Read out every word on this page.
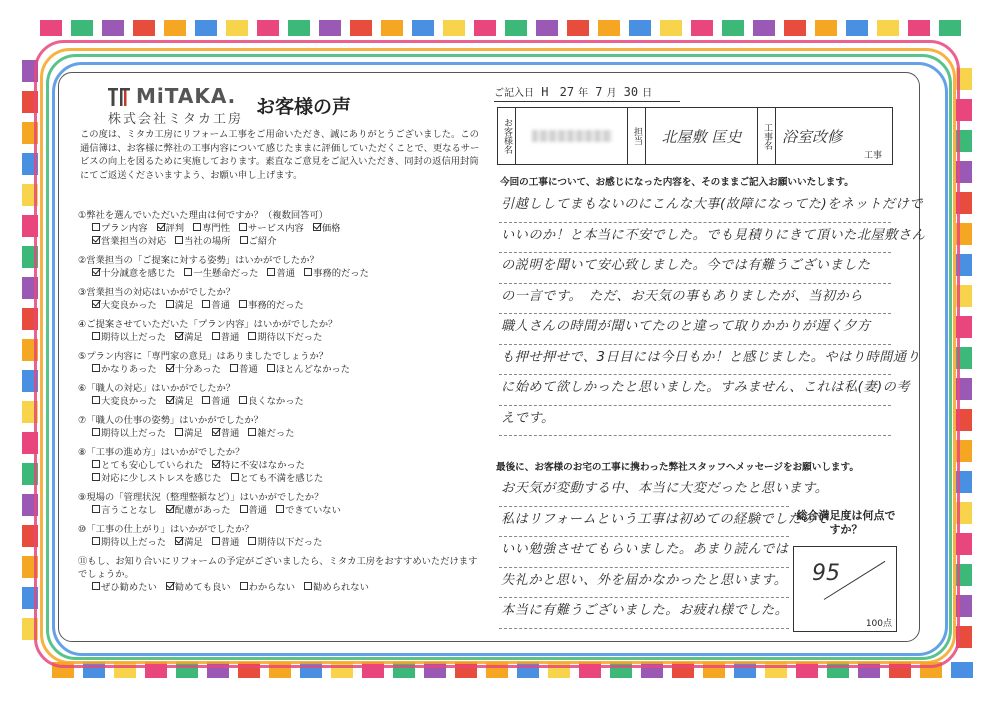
MiTAKA.
株式会社ミタカ工房
お客様の声
この度は、ミタカ工房にリフォーム工事をご用命いただき、誠にありがとうございました。この通信簿は、お客様に弊社の工事内容について感じたままに評価していただくことで、更なるサービスの向上を図るために実施しております。素直なご意見をご記入いただき、同封の返信用封筒にてご返送くださいますよう、お願い申し上げます。
①弊社を選んでいただいた理由は何ですか？（複数回答可）
プラン内容 評判 専門性 サービス内容 価格
営業担当の対応 当社の場所 ご紹介
②営業担当の「ご提案に対する姿勢」はいかがでしたか？
十分誠意を感じた 一生懸命だった 普通 事務的だった
③営業担当の対応はいかがでしたか？
大変良かった 満足 普通 事務的だった
④ご提案させていただいた「プラン内容」はいかがでしたか？
期待以上だった 満足 普通 期待以下だった
⑤プラン内容に「専門家の意見」はありましたでしょうか？
かなりあった 十分あった 普通 ほとんどなかった
⑥「職人の対応」はいかがでしたか？
大変良かった 満足 普通 良くなかった
⑦「職人の仕事の姿勢」はいかがでしたか？
期待以上だった 満足 普通 雑だった
⑧「工事の進め方」はいかがでしたか？
とても安心していられた 特に不安はなかった
対応に少しストレスを感じた とても不満を感じた
⑨現場の「管理状況（整理整頓など）」はいかがでしたか？
言うことなし 配慮があった 普通 できていない
⑩「工事の仕上がり」はいかがでしたか？
期待以上だった 満足 普通 期待以下だった
⑪もし、お知り合いにリフォームの予定がございましたら、ミタカ工房をおすすめいただけますでしょうか。
ぜひ勧めたい 勧めても良い わからない 勧められない
ご記入日 H 27 年 7 月 30 日
お客様名	担当	北屋敷 匡史	工事名 浴室改修
工事
今回の工事について、お感じになった内容を、そのままご記入お願いいたします。
引越ししてまもないのにこんな大事(故障になってた)をネットだけで
いいのか！と本当に不安でした。でも見積りにきて頂いた北屋敷さん
の説明を聞いて安心致しました。今では有難うございました
の一言です。　ただ、お天気の事もありましたが、当初から
職人さんの時間が聞いてたのと違って取りかかりが遅く夕方
も押せ押せで、3日目には今日もか！と感じました。やはり時間通り
に始めて欲しかったと思いました。すみません、これは私(妻)の考
えです。
最後に、お客様のお宅の工事に携わった弊社スタッフへメッセージをお願いします。
お天気が変動する中、本当に大変だったと思います。
私はリフォームという工事は初めての経験でしたので
いい勉強させてもらいました。あまり読んでは
失礼かと思い、外を届かなかったと思います。
本当に有難うございました。お疲れ様でした。
総合満足度は何点ですか？
95
100点
